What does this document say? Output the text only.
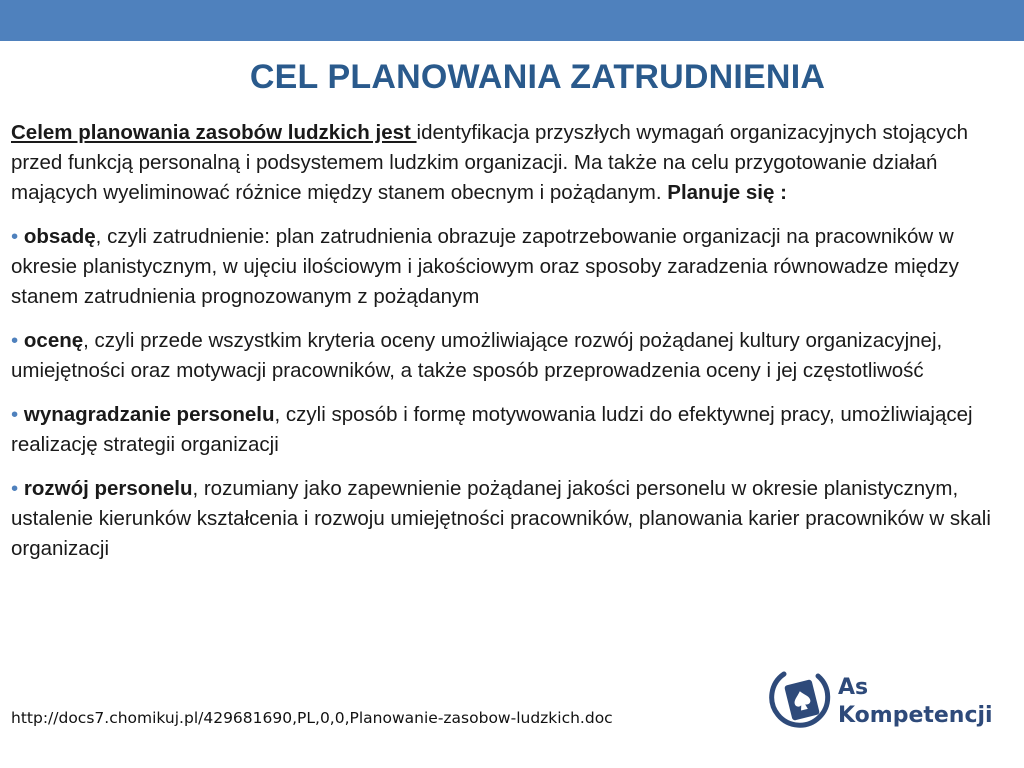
CEL PLANOWANIA ZATRUDNIENIA

Celem planowania zasobów ludzkich jest identyfikacja przyszłych wymagań organizacyjnych stojących przed funkcją personalną i podsystemem ludzkim organizacji. Ma także na celu przygotowanie działań mających wyeliminować różnice między stanem obecnym i pożądanym. Planuje się :

• obsadę, czyli zatrudnienie: plan zatrudnienia obrazuje zapotrzebowanie organizacji na pracowników w okresie planistycznym, w ujęciu ilościowym i jakościowym oraz sposoby zaradzenia równowadze między stanem zatrudnienia prognozowanym z pożądanym

• ocenę, czyli przede wszystkim kryteria oceny umożliwiające rozwój pożądanej kultury organizacyjnej, umiejętności oraz motywacji pracowników, a także sposób przeprowadzenia oceny i jej częstotliwość

• wynagradzanie personelu, czyli sposób i formę motywowania ludzi do efektywnej pracy, umożliwiającej realizację strategii organizacji

• rozwój personelu, rozumiany jako zapewnienie pożądanej jakości personelu w okresie planistycznym, ustalenie kierunków kształcenia i rozwoju umiejętności pracowników, planowania karier pracowników w skali organizacji

http://docs7.chomikuj.pl/429681690,PL,0,0,Planowanie-zasobow-ludzkich.doc
As
Kompetencji
